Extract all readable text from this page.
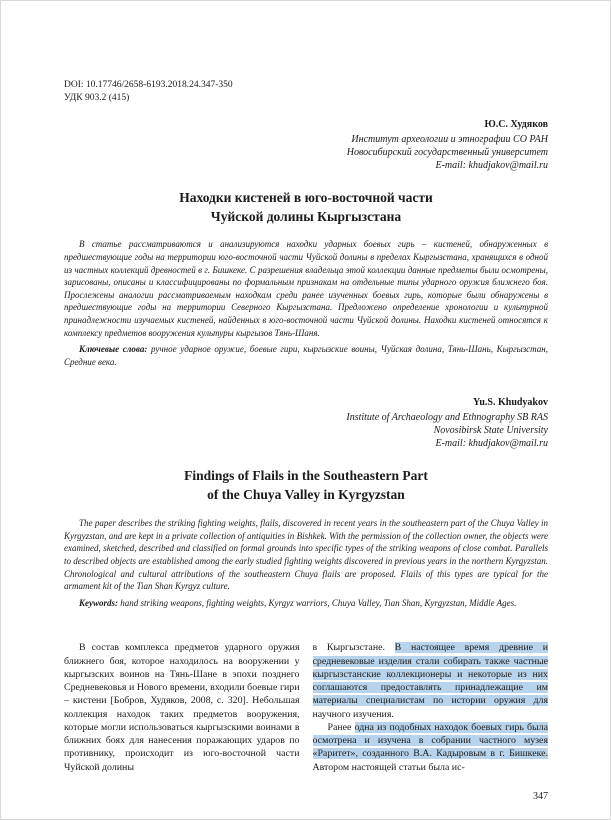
DOI: 10.17746/2658-6193.2018.24.347-350
УДК 903.2 (415)
Ю.С. Худяков
Институт археологии и этнографии СО РАН
Новосибирский государственный университет
E-mail: khudjakov@mail.ru
Находки кистеней в юго-восточной части
Чуйской долины Кыргызстана

В статье рассматриваются и анализируются находки ударных боевых гирь – кистеней, обнаруженных в предшествующие годы на территории юго-восточной части Чуйской долины в пределах Кыргызстана, хранящихся в одной из частных коллекций древностей в г. Бишкеке. С разрешения владельца этой коллекции данные предметы были осмотрены, зарисованы, описаны и классифицированы по формальным признакам на отдельные типы ударного оружия ближнего боя. Прослежены аналогии рассматриваемым находкам среди ранее изученных боевых гирь, которые были обнаружены в предшествующие годы на территории Северного Кыргызстана. Предложено определение хронологии и культурной принадлежности изучаемых кистеней, найденных в юго-восточной части Чуйской долины. Находки кистеней относятся к комплексу предметов вооружения культуры кыргызов Тянь-Шаня.

Ключевые слова: ручное ударное оружие, боевые гири, кыргызские воины, Чуйская долина, Тянь-Шань, Кыргызстан, Средние века.

Yu.S. Khudyakov
Institute of Archaeology and Ethnography SB RAS
Novosibirsk State University
E-mail: khudjakov@mail.ru
Findings of Flails in the Southeastern Part
of the Chuya Valley in Kyrgyzstan

The paper describes the striking fighting weights, flails, discovered in recent years in the southeastern part of the Chuya Valley in Kyrgyzstan, and are kept in a private collection of antiquities in Bishkek. With the permission of the collection owner, the objects were examined, sketched, described and classified on formal grounds into specific types of the striking weapons of close combat. Parallels to described objects are established among the early studied fighting weights discovered in previous years in the northern Kyrgyzstan. Chronological and cultural attributions of the southeastern Chuya flails are proposed. Flails of this types are typical for the armament kit of the Tian Shan Kyrgyz culture.

Keywords: hand striking weapons, fighting weights, Kyrgyz warriors, Chuya Valley, Tian Shan, Kyrgyzstan, Middle Ages.

В состав комплекса предметов ударного оружия ближнего боя, которое находилось на вооружении у кыргызских воинов на Тянь-Шане в эпохи позднего Средневековья и Нового времени, входили боевые гири – кистени [Бобров, Худяков, 2008, с. 320]. Небольшая коллекция находок таких предметов вооружения, которые могли использоваться кыргызскими воинами в ближних боях для нанесения поражающих ударов по противнику, происходит из юго-восточной части Чуйской долины

в Кыргызстане. В настоящее время древние и средневековые изделия стали собирать также частные кыргызстанские коллекционеры и некоторые из них соглашаются предоставлять принадлежащие им материалы специалистам по истории оружия для научного изучения.

Ранее одна из подобных находок боевых гирь была осмотрена и изучена в собрании частного музея «Раритет», созданного В.А. Кадыровым в г. Бишкеке. Автором настоящей статьи была ис-

347
